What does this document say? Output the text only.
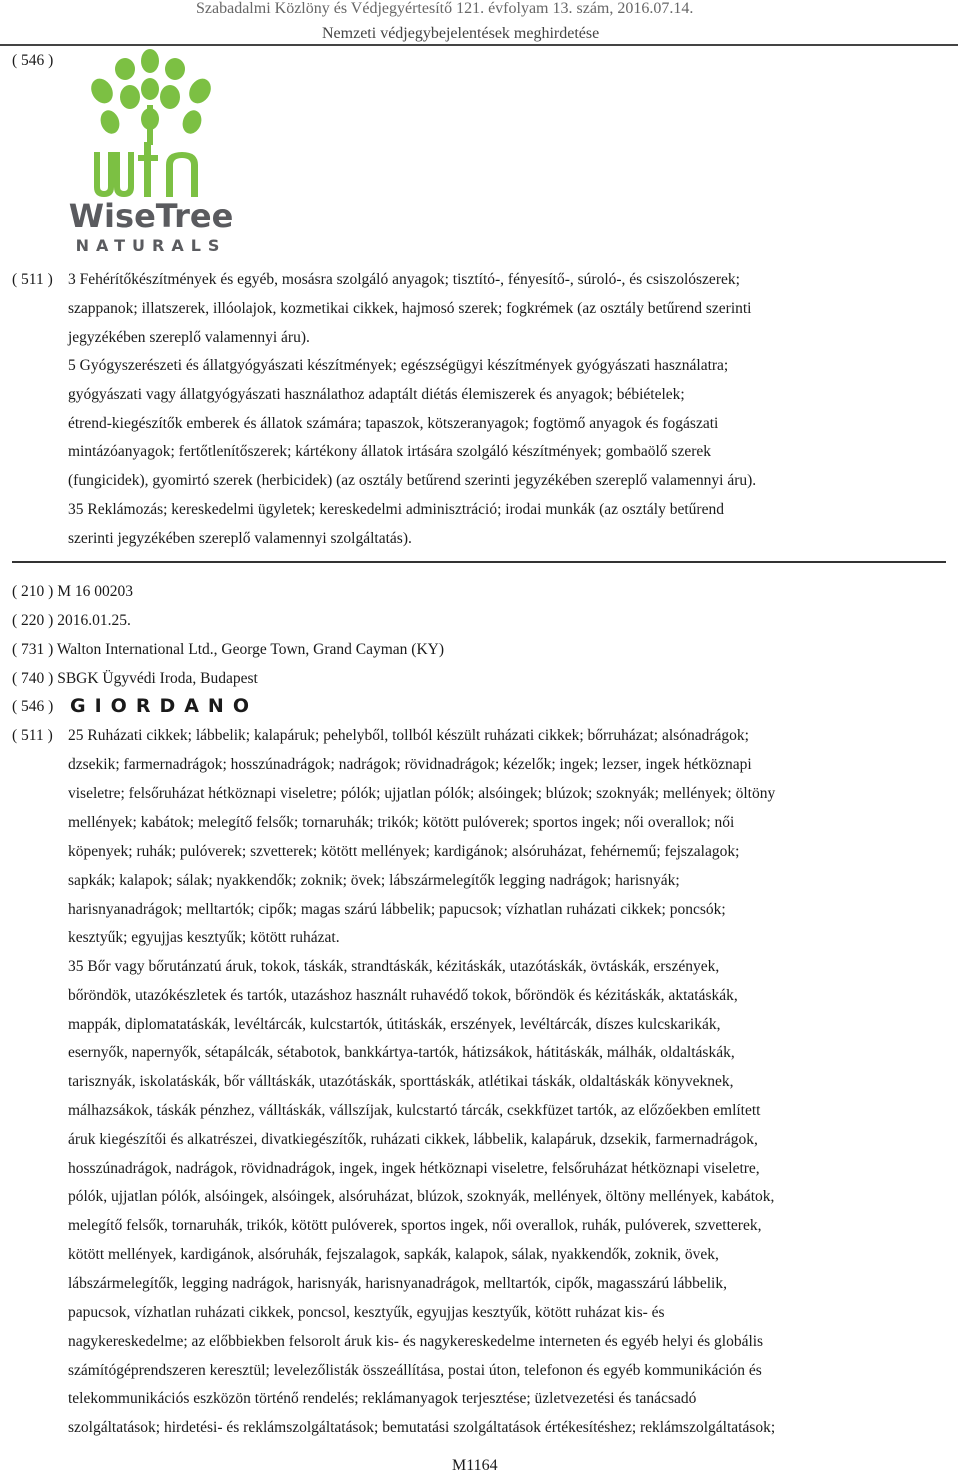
Szabadalmi Közlöny és Védjegyértesítő 121. évfolyam 13. szám, 2016.07.14.
Nemzeti védjegybejelentések meghirdetése
( 546 )
WiseTree
NATURALS
( 511 ) 3 Fehérítőkészítmények és egyéb, mosásra szolgáló anyagok; tisztító-, fényesítő-, súroló-, és csiszolószerek;
szappanok; illatszerek, illóolajok, kozmetikai cikkek, hajmosó szerek; fogkrémek (az osztály betűrend szerinti
jegyzékében szereplő valamennyi áru).
5 Gyógyszerészeti és állatgyógyászati készítmények; egészségügyi készítmények gyógyászati használatra;
gyógyászati vagy állatgyógyászati használathoz adaptált diétás élemiszerek és anyagok; bébiételek;
étrend-kiegészítők emberek és állatok számára; tapaszok, kötszeranyagok; fogtömő anyagok és fogászati
mintázóanyagok; fertőtlenítőszerek; kártékony állatok irtására szolgáló készítmények; gombaölő szerek
(fungicidek), gyomirtó szerek (herbicidek) (az osztály betűrend szerinti jegyzékében szereplő valamennyi áru).
35 Reklámozás; kereskedelmi ügyletek; kereskedelmi adminisztráció; irodai munkák (az osztály betűrend
szerinti jegyzékében szereplő valamennyi szolgáltatás).
( 210 ) M 16 00203
( 220 ) 2016.01.25.
( 731 ) Walton International Ltd., George Town, Grand Cayman (KY)
( 740 ) SBGK Ügyvédi Iroda, Budapest
( 546 ) GIORDANO
( 511 ) 25 Ruházati cikkek; lábbelik; kalapáruk; pehelyből, tollból készült ruházati cikkek; bőrruházat; alsónadrágok;
dzsekik; farmernadrágok; hosszúnadrágok; nadrágok; rövidnadrágok; kézelők; ingek; lezser, ingek hétköznapi
viseletre; felsőruházat hétköznapi viseletre; pólók; ujjatlan pólók; alsóingek; blúzok; szoknyák; mellények; öltöny
mellények; kabátok; melegítő felsők; tornaruhák; trikók; kötött pulóverek; sportos ingek; női overallok; női
köpenyek; ruhák; pulóverek; szvetterek; kötött mellények; kardigánok; alsóruházat, fehérnemű; fejszalagok;
sapkák; kalapok; sálak; nyakkendők; zoknik; övek; lábszármelegítők legging nadrágok; harisnyák;
harisnyanadrágok; melltartók; cipők; magas szárú lábbelik; papucsok; vízhatlan ruházati cikkek; poncsók;
kesztyűk; egyujjas kesztyűk; kötött ruházat.
35 Bőr vagy bőrutánzatú áruk, tokok, táskák, strandtáskák, kézitáskák, utazótáskák, övtáskák, erszények,
bőröndök, utazókészletek és tartók, utazáshoz használt ruhavédő tokok, bőröndök és kézitáskák, aktatáskák,
mappák, diplomatatáskák, levéltárcák, kulcstartók, útitáskák, erszények, levéltárcák, díszes kulcskarikák,
esernyők, napernyők, sétapálcák, sétabotok, bankkártya-tartók, hátizsákok, hátitáskák, málhák, oldaltáskák,
tarisznyák, iskolatáskák, bőr válltáskák, utazótáskák, sporttáskák, atlétikai táskák, oldaltáskák könyveknek,
málhazsákok, táskák pénzhez, válltáskák, vállszíjak, kulcstartó tárcák, csekkfüzet tartók, az előzőekben említett
áruk kiegészítői és alkatrészei, divatkiegészítők, ruházati cikkek, lábbelik, kalapáruk, dzsekik, farmernadrágok,
hosszúnadrágok, nadrágok, rövidnadrágok, ingek, ingek hétköznapi viseletre, felsőruházat hétköznapi viseletre,
pólók, ujjatlan pólók, alsóingek, alsóingek, alsóruházat, blúzok, szoknyák, mellények, öltöny mellények, kabátok,
melegítő felsők, tornaruhák, trikók, kötött pulóverek, sportos ingek, női overallok, ruhák, pulóverek, szvetterek,
kötött mellények, kardigánok, alsóruhák, fejszalagok, sapkák, kalapok, sálak, nyakkendők, zoknik, övek,
lábszármelegítők, legging nadrágok, harisnyák, harisnyanadrágok, melltartók, cipők, magasszárú lábbelik,
papucsok, vízhatlan ruházati cikkek, poncsol, kesztyűk, egyujjas kesztyűk, kötött ruházat kis- és
nagykereskedelme; az előbbiekben felsorolt áruk kis- és nagykereskedelme interneten és egyéb helyi és globális
számítógéprendszeren keresztül; levelezőlisták összeállítása, postai úton, telefonon és egyéb kommunikáción és
telekommunikációs eszközön történő rendelés; reklámanyagok terjesztése; üzletvezetési és tanácsadó
szolgáltatások; hirdetési- és reklámszolgáltatások; bemutatási szolgáltatások értékesítéshez; reklámszolgáltatások;
M1164
